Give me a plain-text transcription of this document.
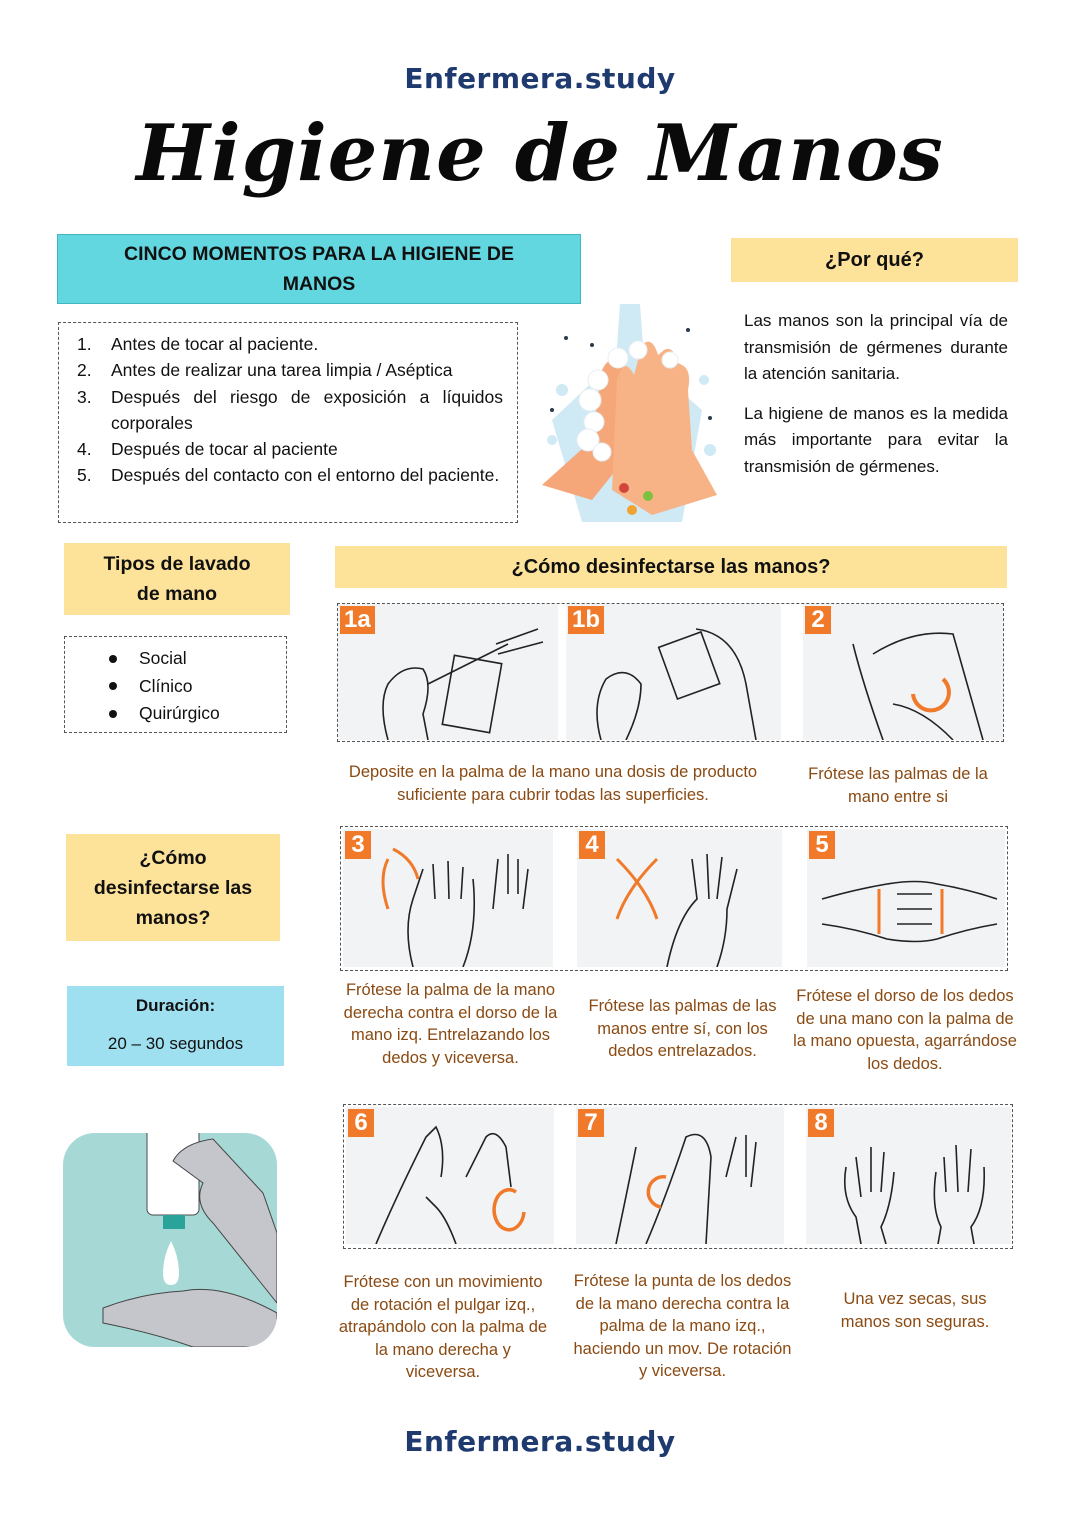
Enfermera.study
Higiene de Manos
CINCO MOMENTOS PARA LA HIGIENE DE MANOS
1.	Antes de tocar al paciente.
2.	Antes de realizar una tarea limpia / Aséptica
3.	Después del riesgo de exposición a líquidos corporales
4.	Después de tocar al paciente
5.	Después del contacto con el entorno del paciente.
¿Por qué?

Las manos son la principal vía de transmisión de gérmenes durante la atención sanitaria.

La higiene de manos es la medida más importante para evitar la transmisión de gérmenes.

Tipos de lavado de mano
Social
Clínico
Quirúrgico
¿Cómo desinfectarse las manos?
Duración:
20 – 30 segundos
¿Cómo desinfectarse las manos?
1a	1b	2
Deposite en la palma de la mano una dosis de producto suficiente para cubrir todas las superficies.
Frótese las palmas de la mano entre si
3	4	5
Frótese la palma de la mano derecha contra el dorso de la mano izq. Entrelazando los dedos y viceversa.
Frótese las palmas de las manos entre sí, con los dedos entrelazados.
Frótese el dorso de los dedos de una mano con la palma de la mano opuesta, agarrándose los dedos.
6	7	8
Frótese con un movimiento de rotación el pulgar izq., atrapándolo con la palma de la mano derecha y viceversa.
Frótese la punta de los dedos de la mano derecha contra la palma de la mano izq., haciendo un mov. De rotación y viceversa.
Una vez secas, sus manos son seguras.
Enfermera.study
